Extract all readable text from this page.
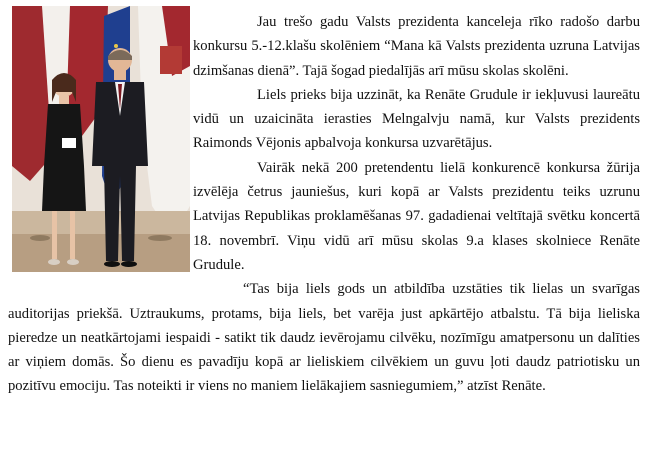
Jau trešo gadu Valsts prezidenta kanceleja rīko radošo darbu konkursu 5.-12.klašu skolēniem “Mana kā Valsts prezidenta uzruna Latvijas dzimšanas dienā”. Tajā šogad piedalījās arī mūsu skolas skolēni.

Liels prieks bija uzzināt, ka Renāte Grudule ir iekļuvusi laureātu vidū un uzaicināta ierasties Melngalvju namā, kur Valsts prezidents Raimonds Vējonis apbalvoja konkursa uzvarētājus.

Vairāk nekā 200 pretendentu lielā konkurencē konkursa žūrija izvēlēja četrus jauniešus, kuri kopā ar Valsts prezidentu teiks uzrunu Latvijas Republikas proklamēšanas 97. gadadienai veltītajā svētku koncertā 18. novembrī. Viņu vidū arī mūsu skolas 9.a klases skolniece Renāte Grudule.

“Tas bija liels gods un atbildība uzstāties tik lielas un svarīgas auditorijas priekšā. Uztraukums, protams, bija liels, bet varēja just apkārtējo atbalstu. Tā bija lieliska pieredze un neatkārtojami iespaidi - satikt tik daudz ievērojamu cilvēku, nozīmīgu amatpersonu un dalīties ar viņiem domās. Šo dienu es pavadīju kopā ar lieliskiem cilvēkiem un guvu ļoti daudz patriotisku un pozitīvu emociju. Tas noteikti ir viens no maniem lielākajiem sasniegumiem,” atzīst Renāte.
